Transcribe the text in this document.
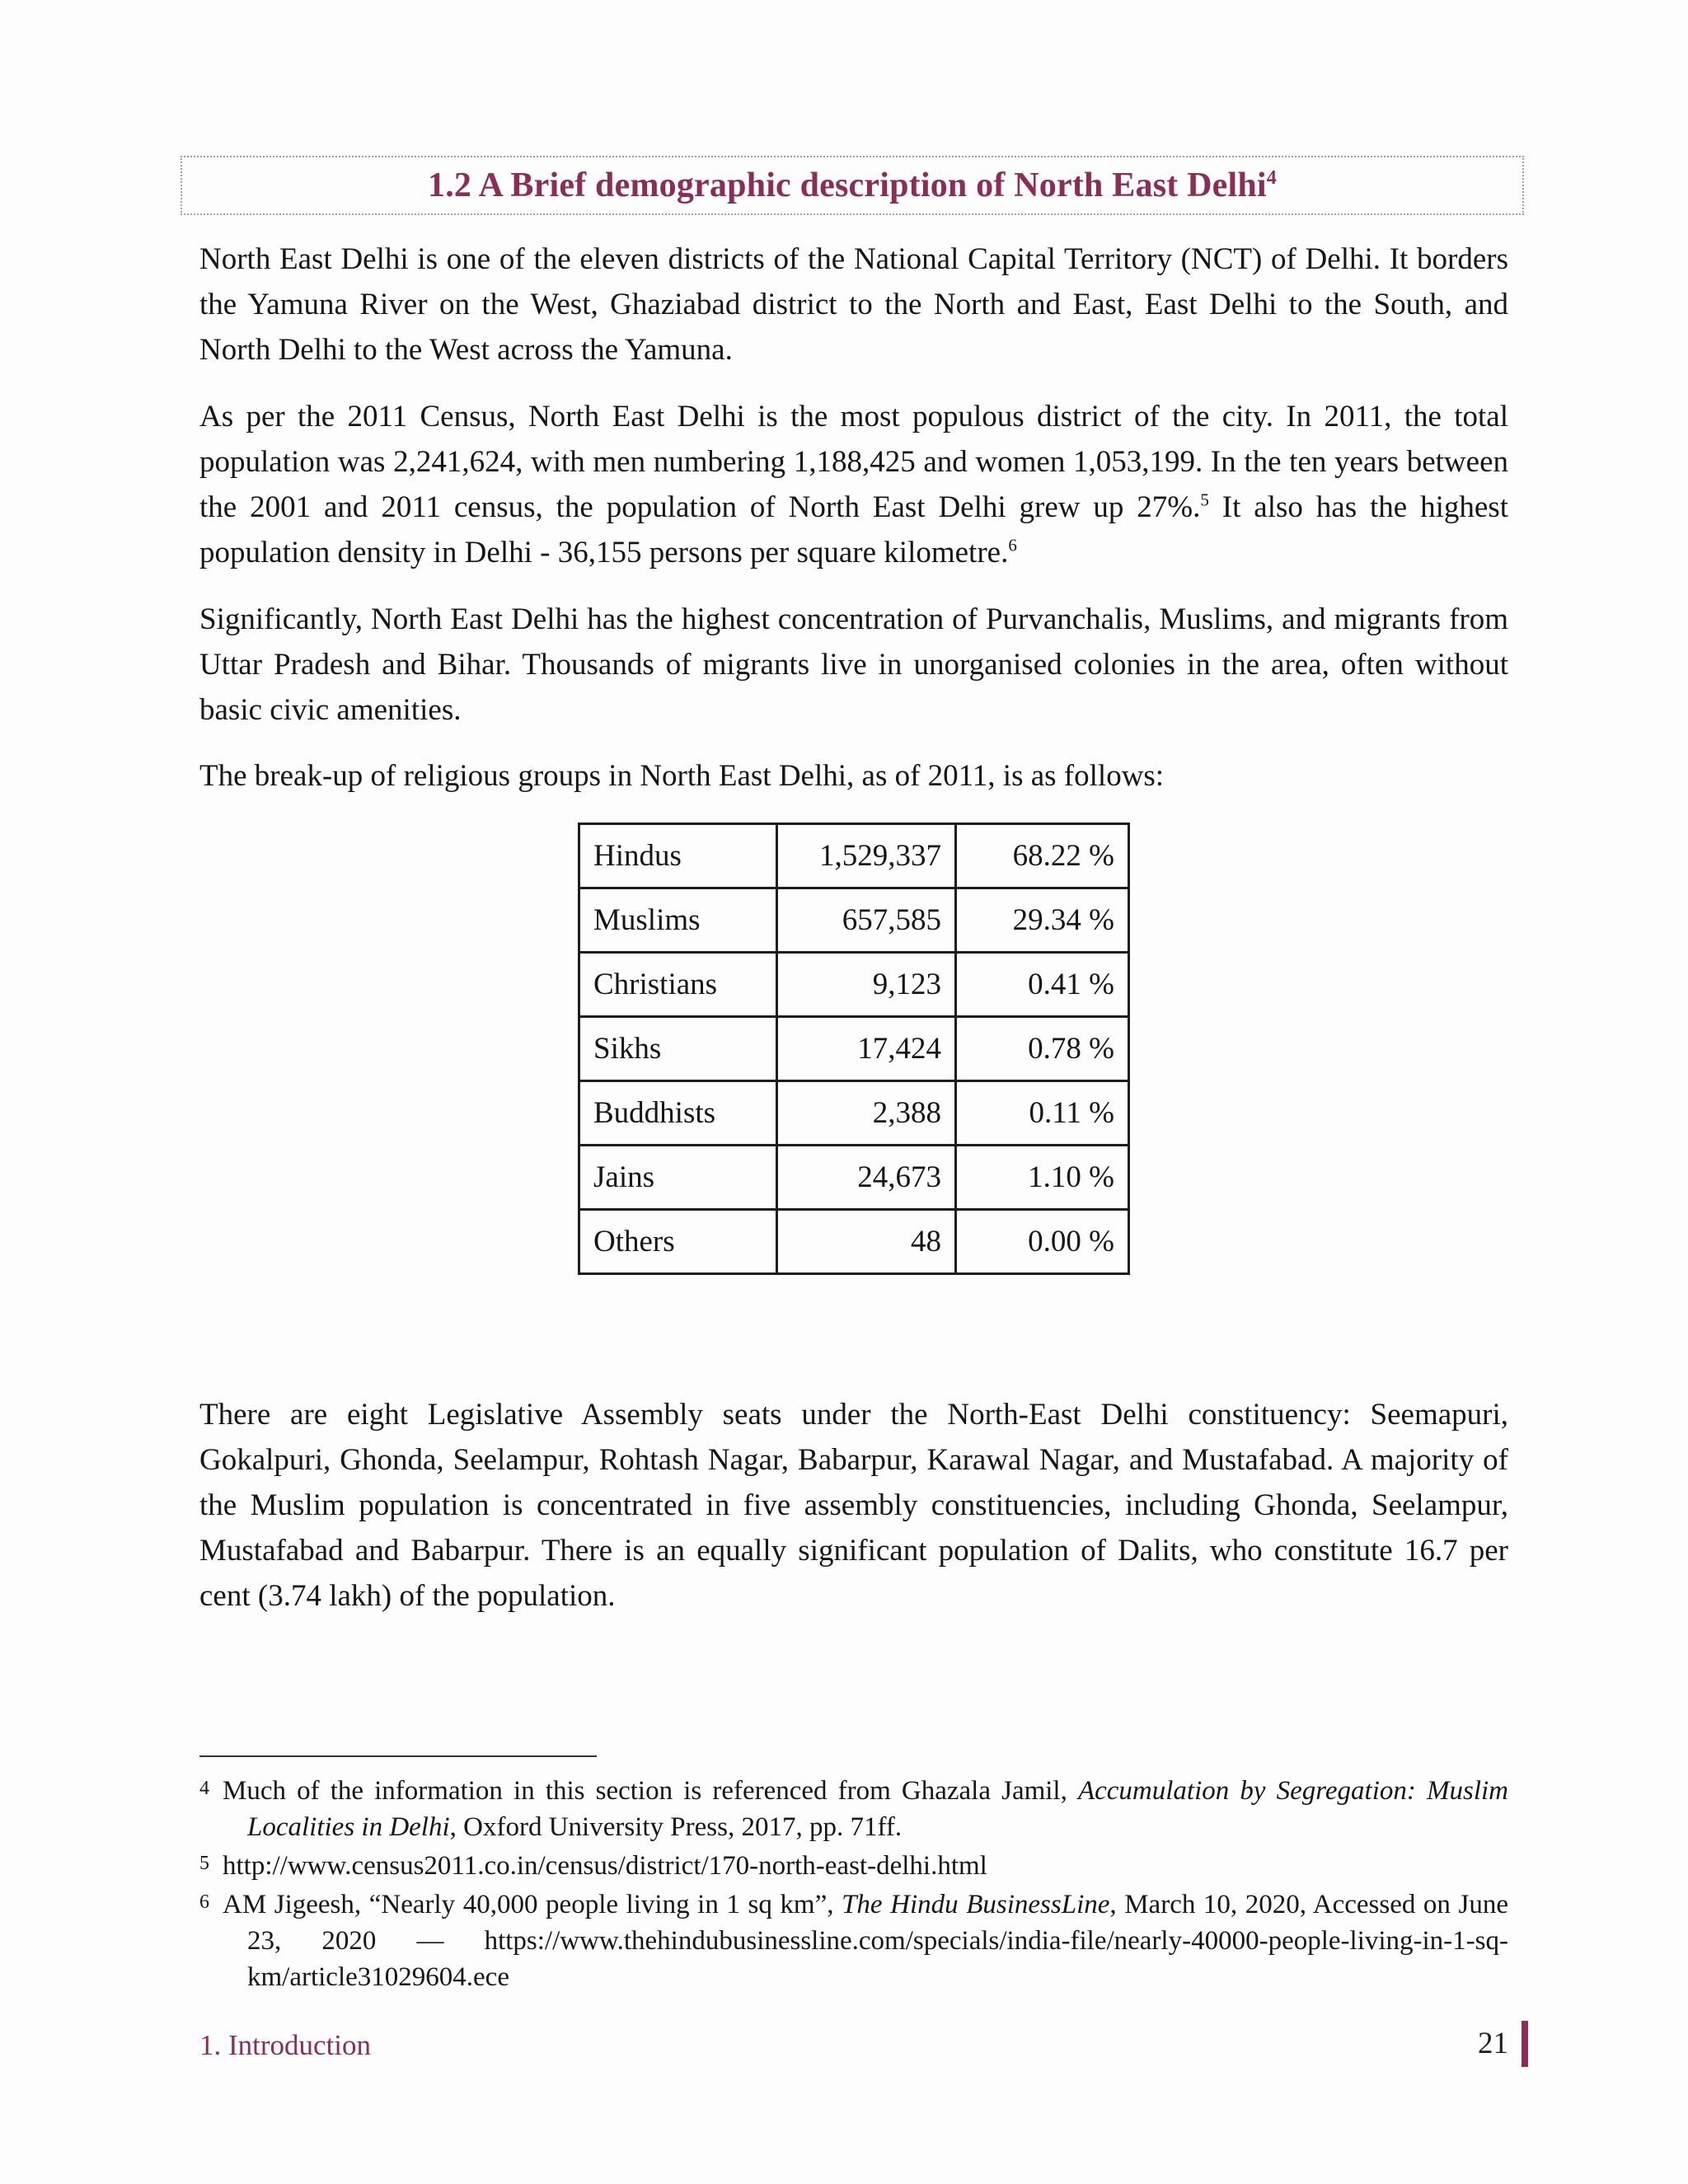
1.2 A Brief demographic description of North East Delhi$^4$

North East Delhi is one of the eleven districts of the National Capital Territory (NCT) of Delhi. It borders the Yamuna River on the West, Ghaziabad district to the North and East, East Delhi to the South, and North Delhi to the West across the Yamuna.

As per the 2011 Census, North East Delhi is the most populous district of the city. In 2011, the total population was 2,241,624, with men numbering 1,188,425 and women 1,053,199. In the ten years between the 2001 and 2011 census, the population of North East Delhi grew up 27%.$^5$ It also has the highest population density in Delhi - 36,155 persons per square kilometre.$^6$

Significantly, North East Delhi has the highest concentration of Purvanchalis, Muslims, and migrants from Uttar Pradesh and Bihar. Thousands of migrants live in unorganised colonies in the area, often without basic civic amenities.

The break-up of religious groups in North East Delhi, as of 2011, is as follows:

Hindus	1,529,337	68.22 %
Muslims	657,585	29.34 %
Christians	9,123	0.41 %
Sikhs	17,424	0.78 %
Buddhists	2,388	0.11 %
Jains	24,673	1.10 %
Others	48	0.00 %

There are eight Legislative Assembly seats under the North-East Delhi constituency: Seemapuri, Gokalpuri, Ghonda, Seelampur, Rohtash Nagar, Babarpur, Karawal Nagar, and Mustafabad. A majority of the Muslim population is concentrated in five assembly constituencies, including Ghonda, Seelampur, Mustafabad and Babarpur. There is an equally significant population of Dalits, who constitute 16.7 per cent (3.74 lakh) of the population.

4 Much of the information in this section is referenced from Ghazala Jamil, Accumulation by Segregation: Muslim Localities in Delhi, Oxford University Press, 2017, pp. 71ff.

5 http://www.census2011.co.in/census/district/170-north-east-delhi.html

6 AM Jigeesh, “Nearly 40,000 people living in 1 sq km”, The Hindu BusinessLine, March 10, 2020, Accessed on June 23, 2020 — https://www.thehindubusinessline.com/specials/india-file/nearly-40000-people-living-in-1-sq-km/article31029604.ece

1. Introduction	21
